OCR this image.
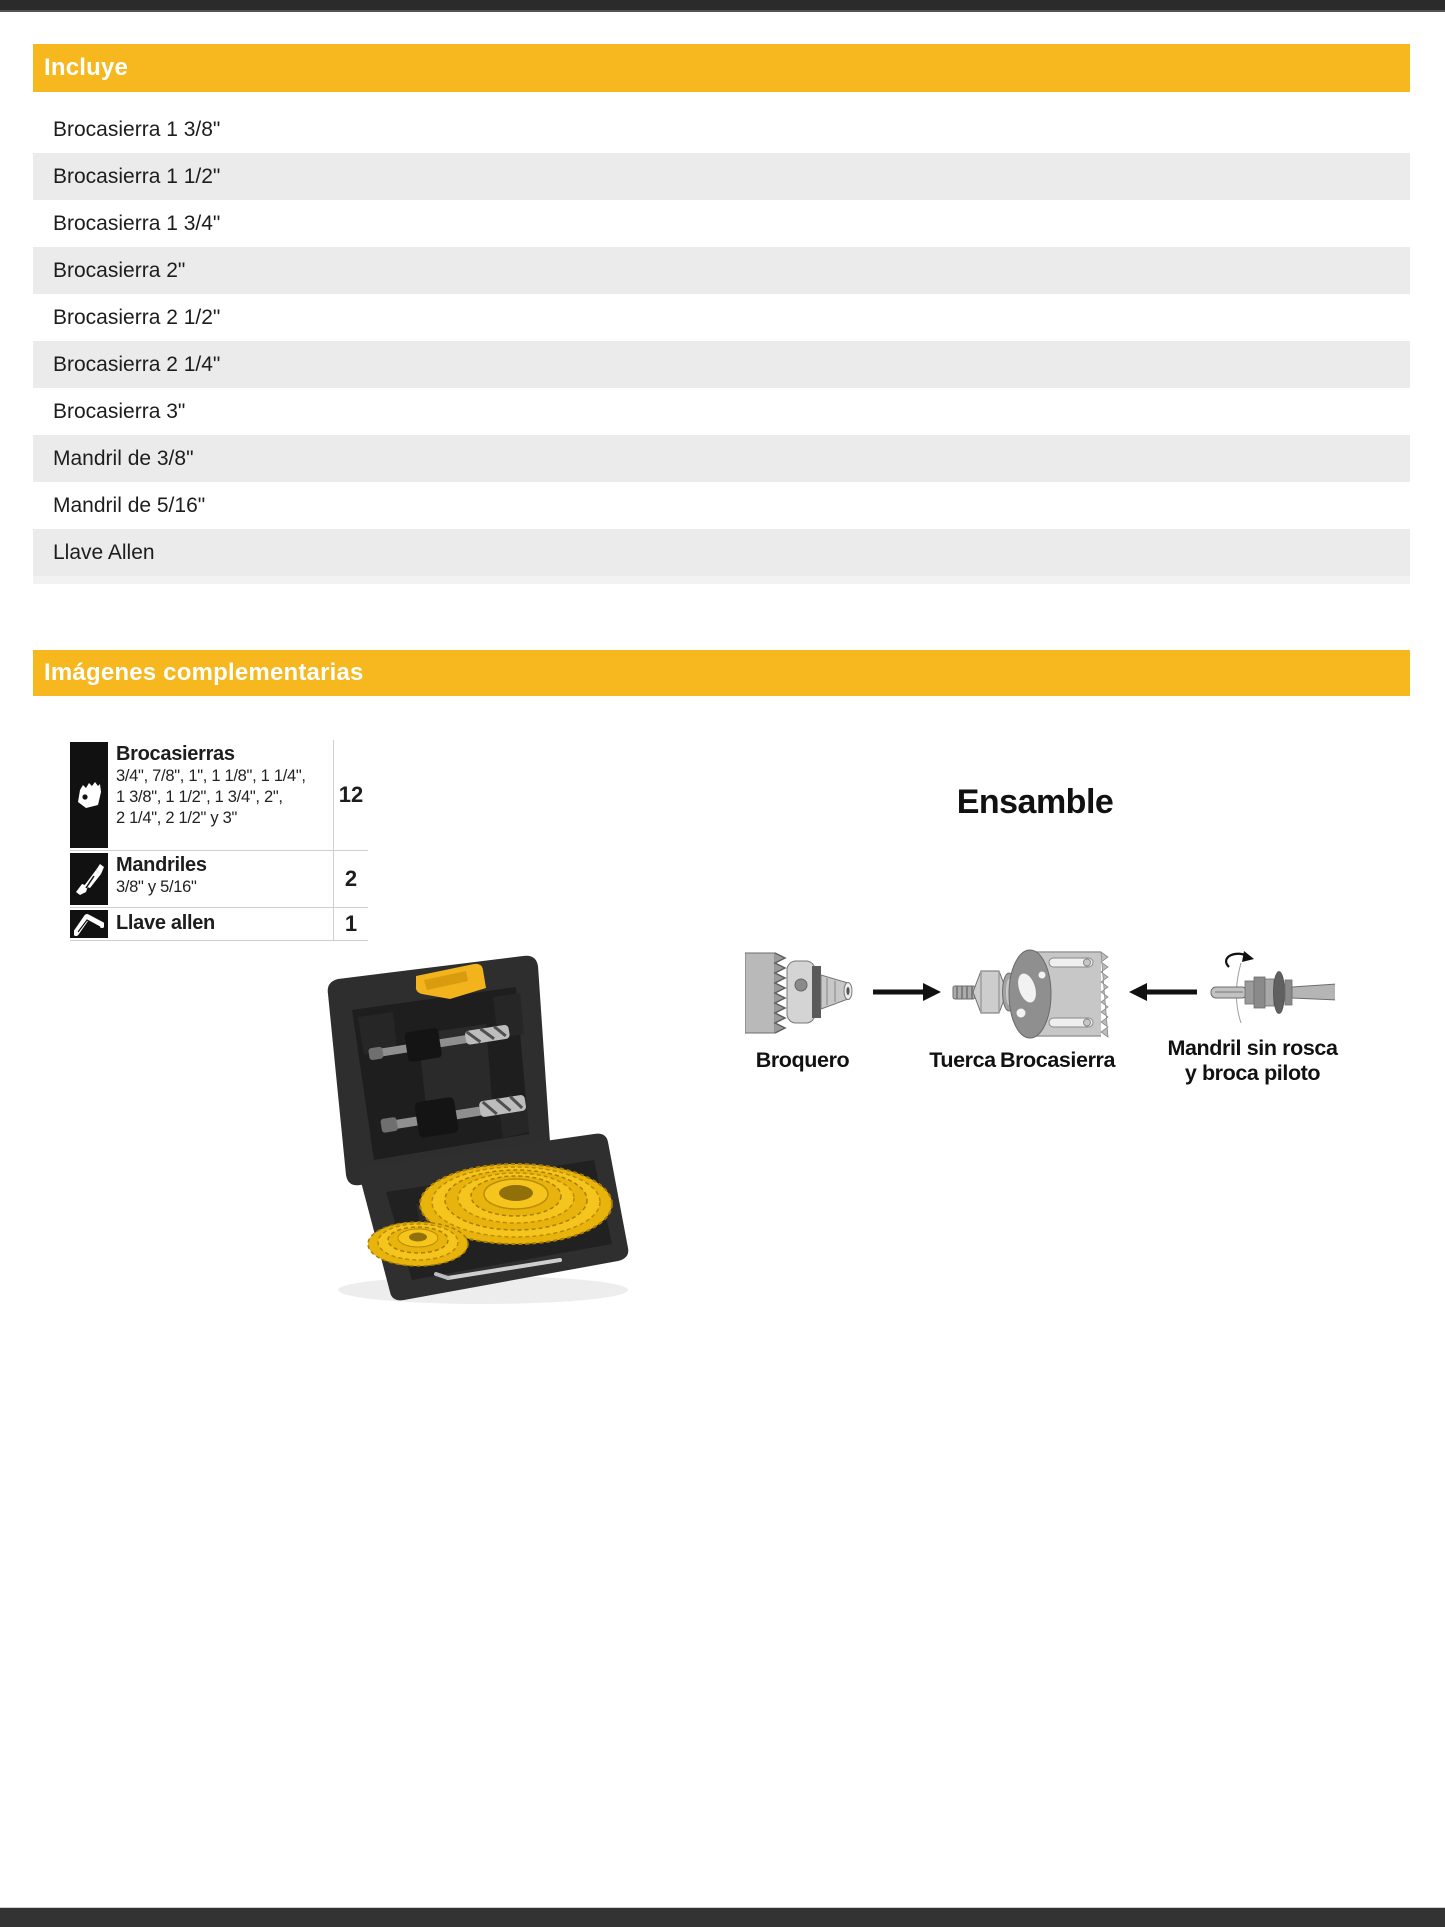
Incluye
Brocasierra 1 3/8"
Brocasierra 1 1/2"
Brocasierra 1 3/4"
Brocasierra 2"
Brocasierra 2 1/2"
Brocasierra 2 1/4"
Brocasierra 3"
Mandril de 3/8"
Mandril de 5/16"
Llave Allen
Imágenes complementarias
Brocasierras
3/4", 7/8", 1", 1 1/8", 1 1/4",
1 3/8", 1 1/2", 1 3/4", 2",
2 1/4", 2 1/2" y 3"
12
Mandriles
3/8" y 5/16"	2
Llave allen	1
Ensamble
Broquero	Tuerca Brocasierra	Mandril sin rosca
y broca piloto
